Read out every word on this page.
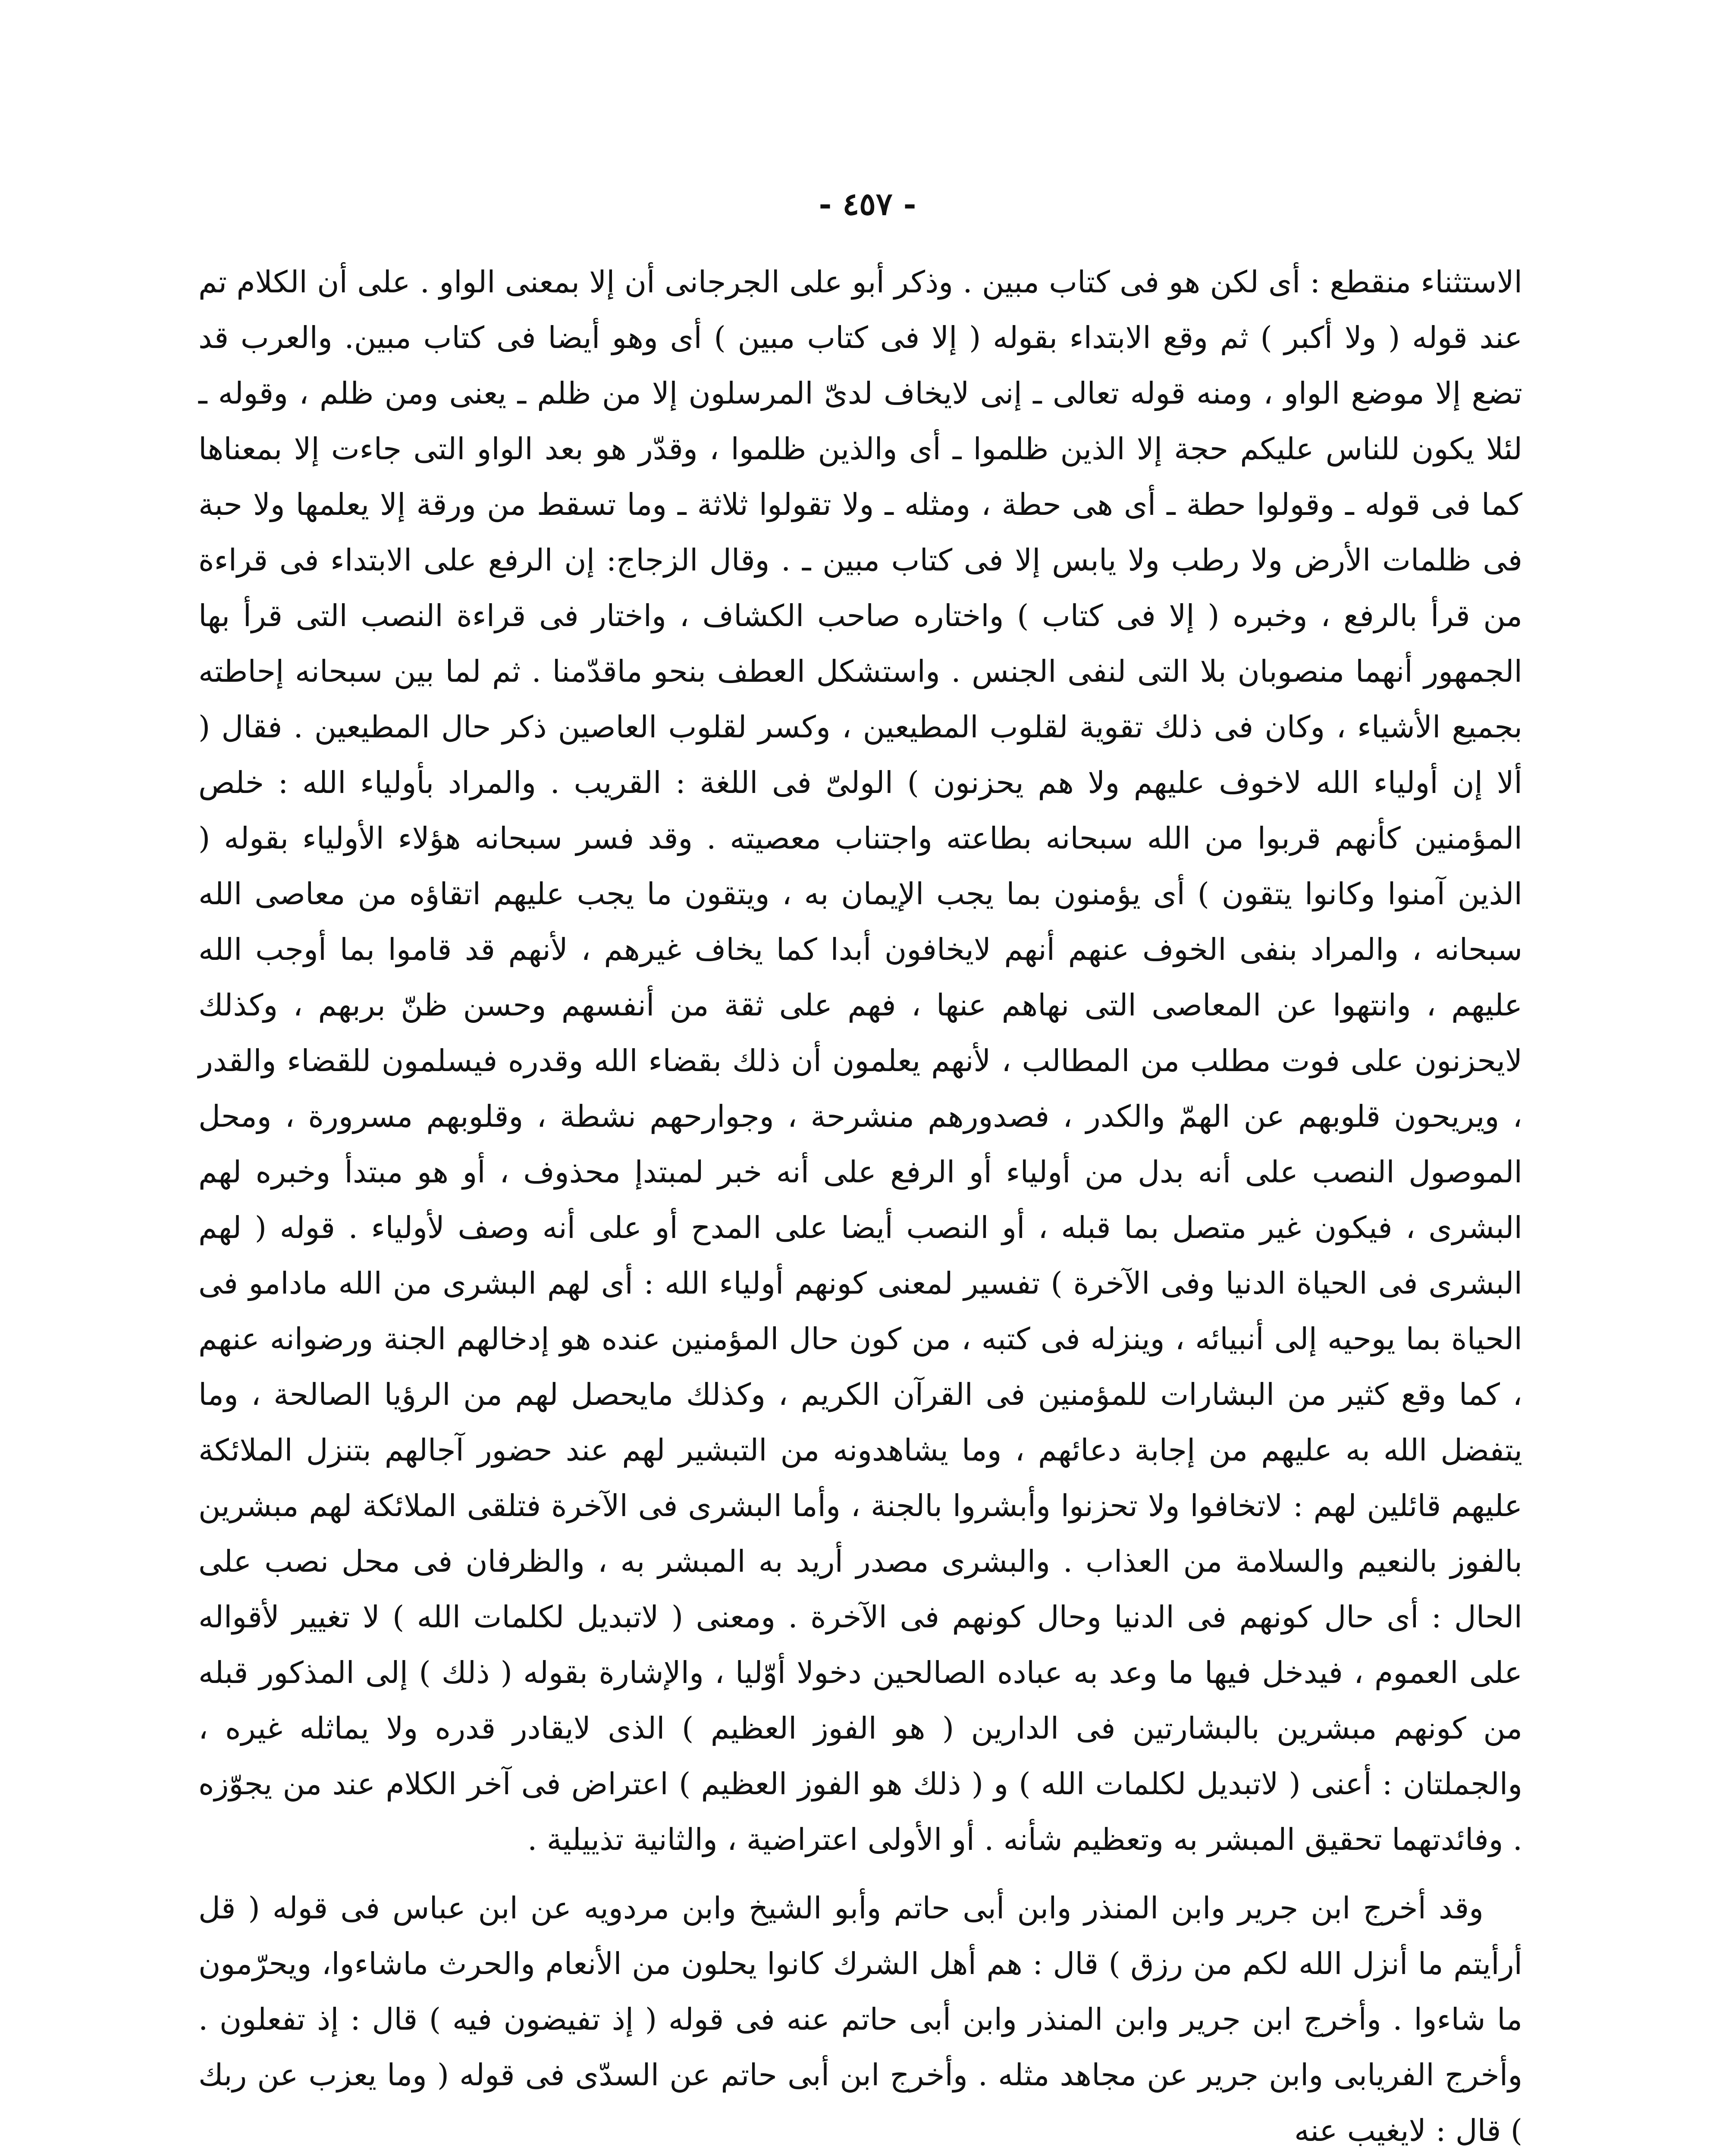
- ٤٥٧ -

الاستثناء منقطع : أى لكن هو فى كتاب مبين . وذكر أبو على الجرجانى أن إلا بمعنى الواو . على أن الكلام تم عند قوله ( ولا أكبر ) ثم وقع الابتداء بقوله ( إلا فى كتاب مبين ) أى وهو أيضا فى كتاب مبين. والعرب قد تضع إلا موضع الواو ، ومنه قوله تعالى ـ إنى لايخاف لدىّ المرسلون إلا من ظلم ـ يعنى ومن ظلم ، وقوله ـ لئلا يكون للناس عليكم حجة إلا الذين ظلموا ـ أى والذين ظلموا ، وقدّر هو بعد الواو التى جاءت إلا بمعناها كما فى قوله ـ وقولوا حطة ـ أى هى حطة ، ومثله ـ ولا تقولوا ثلاثة ـ وما تسقط من ورقة إلا يعلمها ولا حبة فى ظلمات الأرض ولا رطب ولا يابس إلا فى كتاب مبين ـ . وقال الزجاج: إن الرفع على الابتداء فى قراءة من قرأ بالرفع ، وخبره ( إلا فى كتاب ) واختاره صاحب الكشاف ، واختار فى قراءة النصب التى قرأ بها الجمهور أنهما منصوبان بلا التى لنفى الجنس . واستشكل العطف بنحو ماقدّمنا . ثم لما بين سبحانه إحاطته بجميع الأشياء ، وكان فى ذلك تقوية لقلوب المطيعين ، وكسر لقلوب العاصين ذكر حال المطيعين . فقال ( ألا إن أولياء الله لاخوف عليهم ولا هم يحزنون ) الولىّ فى اللغة : القريب . والمراد بأولياء الله : خلص المؤمنين كأنهم قربوا من الله سبحانه بطاعته واجتناب معصيته . وقد فسر سبحانه هؤلاء الأولياء بقوله ( الذين آمنوا وكانوا يتقون ) أى يؤمنون بما يجب الإيمان به ، ويتقون ما يجب عليهم اتقاؤه من معاصى الله سبحانه ، والمراد بنفى الخوف عنهم أنهم لايخافون أبدا كما يخاف غيرهم ، لأنهم قد قاموا بما أوجب الله عليهم ، وانتهوا عن المعاصى التى نهاهم عنها ، فهم على ثقة من أنفسهم وحسن ظنّ بربهم ، وكذلك لايحزنون على فوت مطلب من المطالب ، لأنهم يعلمون أن ذلك بقضاء الله وقدره فيسلمون للقضاء والقدر ، ويريحون قلوبهم عن الهمّ والكدر ، فصدورهم منشرحة ، وجوارحهم نشطة ، وقلوبهم مسرورة ، ومحل الموصول النصب على أنه بدل من أولياء أو الرفع على أنه خبر لمبتدإ محذوف ، أو هو مبتدأ وخبره لهم البشرى ، فيكون غير متصل بما قبله ، أو النصب أيضا على المدح أو على أنه وصف لأولياء . قوله ( لهم البشرى فى الحياة الدنيا وفى الآخرة ) تفسير لمعنى كونهم أولياء الله : أى لهم البشرى من الله مادامو فى الحياة بما يوحيه إلى أنبيائه ، وينزله فى كتبه ، من كون حال المؤمنين عنده هو إدخالهم الجنة ورضوانه عنهم ، كما وقع كثير من البشارات للمؤمنين فى القرآن الكريم ، وكذلك مايحصل لهم من الرؤيا الصالحة ، وما يتفضل الله به عليهم من إجابة دعائهم ، وما يشاهدونه من التبشير لهم عند حضور آجالهم بتنزل الملائكة عليهم قائلين لهم : لاتخافوا ولا تحزنوا وأبشروا بالجنة ، وأما البشرى فى الآخرة فتلقى الملائكة لهم مبشرين بالفوز بالنعيم والسلامة من العذاب . والبشرى مصدر أريد به المبشر به ، والظرفان فى محل نصب على الحال : أى حال كونهم فى الدنيا وحال كونهم فى الآخرة . ومعنى ( لاتبديل لكلمات الله ) لا تغيير لأقواله على العموم ، فيدخل فيها ما وعد به عباده الصالحين دخولا أوّليا ، والإشارة بقوله ( ذلك ) إلى المذكور قبله من كونهم مبشرين بالبشارتين فى الدارين ( هو الفوز العظيم ) الذى لايقادر قدره ولا يماثله غيره ، والجملتان : أعنى ( لاتبديل لكلمات الله ) و ( ذلك هو الفوز العظيم ) اعتراض فى آخر الكلام عند من يجوّزه . وفائدتهما تحقيق المبشر به وتعظيم شأنه . أو الأولى اعتراضية ، والثانية تذييلية .

وقد أخرج ابن جرير وابن المنذر وابن أبى حاتم وأبو الشيخ وابن مردويه عن ابن عباس فى قوله ( قل أرأيتم ما أنزل الله لكم من رزق ) قال : هم أهل الشرك كانوا يحلون من الأنعام والحرث ماشاءوا، ويحرّمون ما شاءوا . وأخرج ابن جرير وابن المنذر وابن أبى حاتم عنه فى قوله ( إذ تفيضون فيه ) قال : إذ تفعلون . وأخرج الفريابى وابن جرير عن مجاهد مثله . وأخرج ابن أبى حاتم عن السدّى فى قوله ( وما يعزب عن ربك ) قال : لايغيب عنه
